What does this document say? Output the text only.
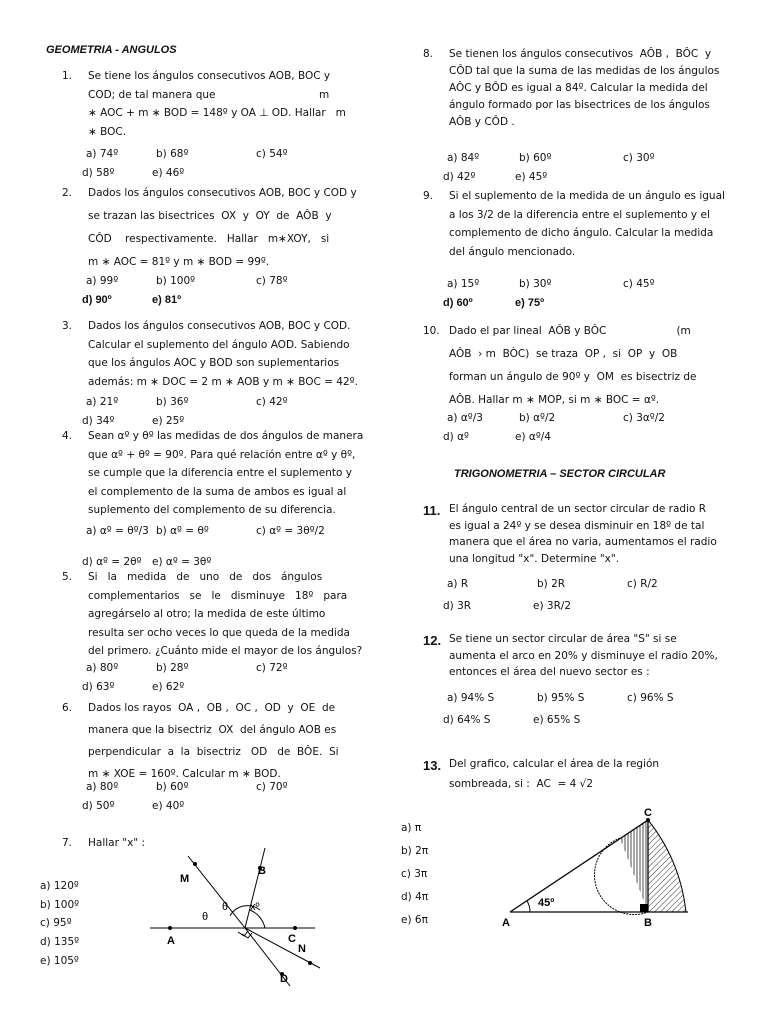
GEOMETRIA - ANGULOS
TRIGONOMETRIA – SECTOR CIRCULAR
1. Se tiene los ángulos consecutivos AOB, BOC y
COD; de tal manera que                               m
∗ AOC + m ∗ BOD = 148º y OA ⊥ OD. Hallar   m
∗ BOC.
a) 74º	b) 68º	c) 54º
d) 58º	e) 46º
2. Dados los ángulos consecutivos AOB, BOC y COD y
se trazan las bisectrices  OX  y  OY  de  AÔB  y
CÔD    respectivamente.   Hallar   m∗XOY,   si
m ∗ AOC = 81º y m ∗ BOD = 99º.
a) 99º	b) 100º	c) 78º
d) 90º	e) 81º
3. Dados los ángulos consecutivos AOB, BOC y COD.
Calcular el suplemento del ángulo AOD. Sabiendo
que los ángulos AOC y BOD son suplementarios
además: m ∗ DOC = 2 m ∗ AOB y m ∗ BOC = 42º.
a) 21º	b) 36º	c) 42º
d) 34º	e) 25º
4. Sean αº y θº las medidas de dos ángulos de manera
que αº + θº = 90º. Para qué relación entre αº y θº,
se cumple que la diferencia entre el suplemento y
el complemento de la suma de ambos es igual al
suplemento del complemento de su diferencia.
a) αº = θº/3 b) αº = θº	c) αº = 3θº/2
d) αº = 2θº e) αº = 3θº
5. Si   la   medida   de   uno   de   dos   ángulos
complementarios   se   le   disminuye   18º   para
agregárselo al otro; la medida de este último
resulta ser ocho veces lo que queda de la medida
del primero. ¿Cuánto mide el mayor de los ángulos?
a) 80º	b) 28º	c) 72º
d) 63º	e) 62º
6. Dados los rayos  OA ,  OB ,  OC ,  OD  y  OE  de
manera que la bisectriz  OX  del ángulo AOB es
perpendicular  a  la  bisectriz   OD   de  BÔE.  Si
m ∗ XOE = 160º. Calcular m ∗ BOD.
a) 80º	b) 60º	c) 70º
d) 50º	e) 40º
7. Hallar "x" :
a) 120º
b) 100º
c) 95º
d) 135º
e) 105º
8. Se tienen los ángulos consecutivos  AÔB ,  BÔC  y
CÔD tal que la suma de las medidas de los ángulos
AÔC y BÔD es igual a 84º. Calcular la medida del
ángulo formado por las bisectrices de los ángulos
AÔB y CÔD .
a) 84º	b) 60º	c) 30º
d) 42º	e) 45º
9. Si el suplemento de la medida de un ángulo es igual
a los 3/2 de la diferencia entre el suplemento y el
complemento de dicho ángulo. Calcular la medida
del ángulo mencionado.
a) 15º	b) 30º	c) 45º
d) 60º	e) 75º
10. Dado el par lineal  AÔB y BÔC                     (m
AÔB  › m  BÒC)  se traza  OP ,  si  OP  y  OB
forman un ángulo de 90º y  OM  es bisectriz de
AÔB. Hallar m ∗ MOP, si m ∗ BOC = αº.
a) αº/3	b) αº/2	c) 3αº/2
d) αº	e) αº/4
11. El ángulo central de un sector circular de radio R
es igual a 24º y se desea disminuir en 18º de tal
manera que el área no varia, aumentamos el radio
una longitud "x". Determine "x".
a) R	b) 2R	c) R/2
d) 3R	e) 3R/2
12. Se tiene un sector circular de área "S" si se
aumenta el arco en 20% y disminuye el radio 20%,
entonces el área del nuevo sector es :
a) 94% S	b) 95% S	c) 96% S
d) 64% S	e) 65% S
13. Del grafico, calcular el área de la región
sombreada, si :  AC  = 4 √2
a) π
b) 2π
c) 3π
d) 4π
e) 6π
M
B
A	C
N
D
θ
θ xº
C
A	B
45º
